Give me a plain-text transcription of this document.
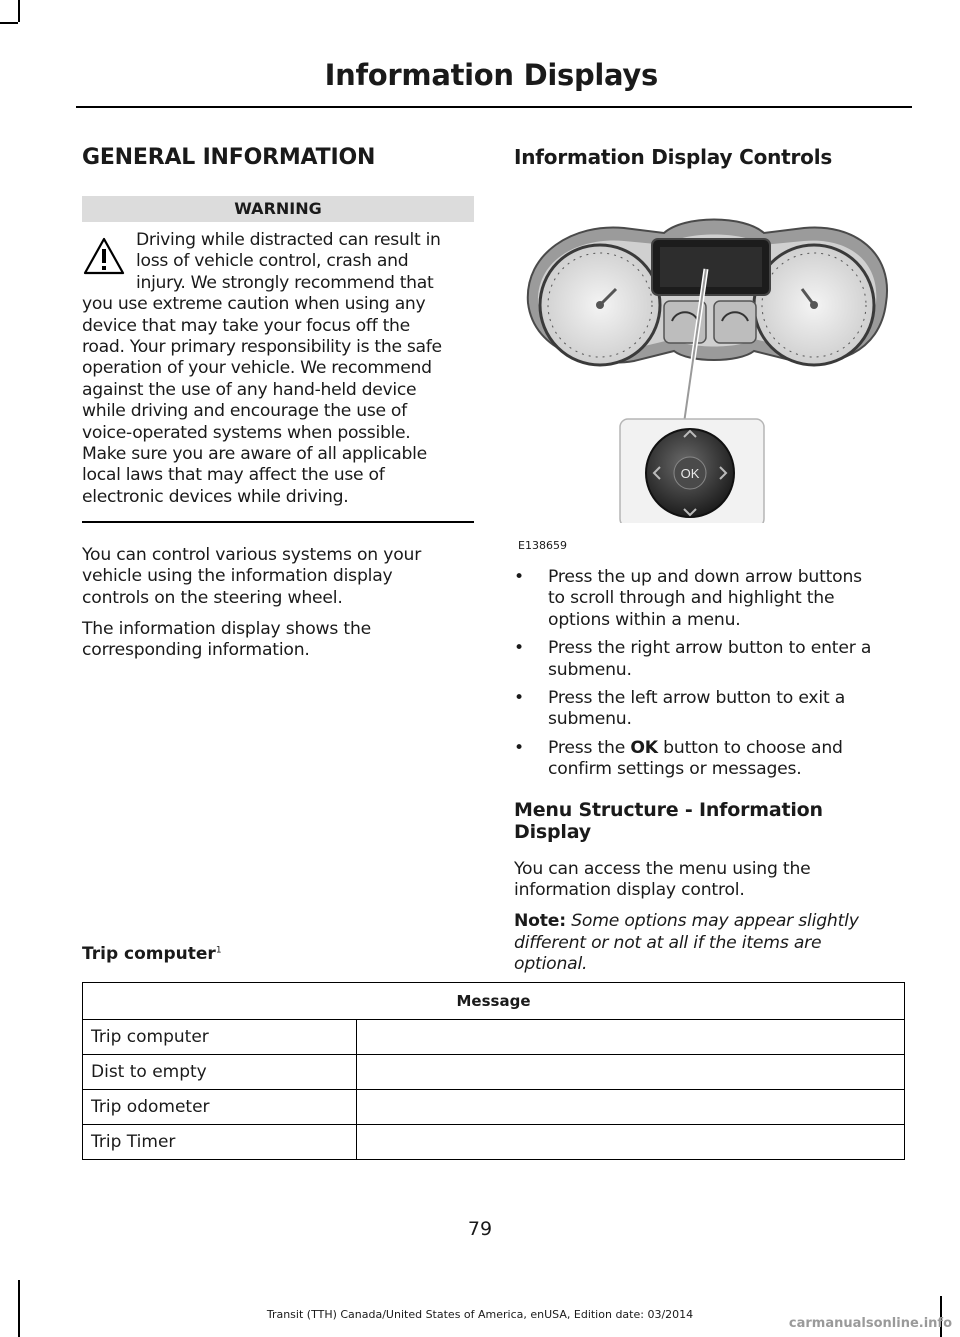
Information Displays
GENERAL INFORMATION
WARNING
Driving while distracted can result in
loss of vehicle control, crash and
injury. We strongly recommend that
you use extreme caution when using any
device that may take your focus off the
road. Your primary responsibility is the safe
operation of your vehicle. We recommend
against the use of any hand-held device
while driving and encourage the use of
voice-operated systems when possible.
Make sure you are aware of all applicable
local laws that may affect the use of
electronic devices while driving.

You can control various systems on your
vehicle using the information display
controls on the steering wheel.

The information display shows the
corresponding information.

Information Display Controls
OK
E138659
• Press the up and down arrow buttons
to scroll through and highlight the
options within a menu.
• Press the right arrow button to enter a
submenu.
• Press the left arrow button to exit a
submenu.
• Press the OK button to choose and
confirm settings or messages.
Menu Structure - Information
Display

You can access the menu using the
information display control.

Note: Some options may appear slightly
different or not at all if the items are
optional.

Trip computer$^1$
Message	
Trip computer	
Dist to empty	
Trip odometer	
Trip Timer	
79
Transit (TTH) Canada/United States of America, enUSA, Edition date: 03/2014
carmanualsonline.info
